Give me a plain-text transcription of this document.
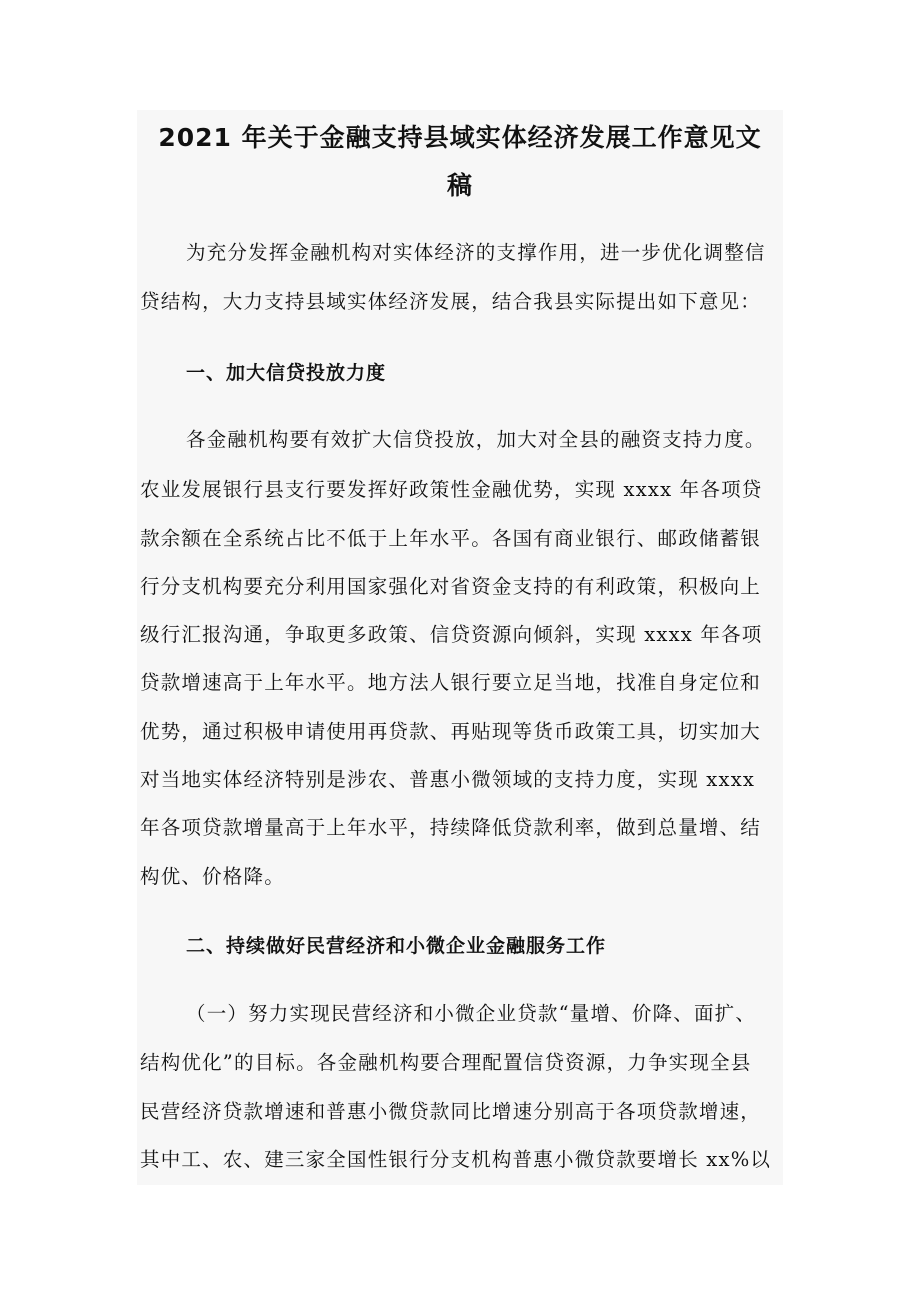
2021 年关于金融支持县域实体经济发展工作意见文
稿
为充分发挥金融机构对实体经济的支撑作用，进一步优化调整信
贷结构，大力支持县域实体经济发展，结合我县实际提出如下意见：
一、加大信贷投放力度
各金融机构要有效扩大信贷投放，加大对全县的融资支持力度。
农业发展银行县支行要发挥好政策性金融优势，实现 xxxx 年各项贷
款余额在全系统占比不低于上年水平。各国有商业银行、邮政储蓄银
行分支机构要充分利用国家强化对省资金支持的有利政策，积极向上
级行汇报沟通，争取更多政策、信贷资源向倾斜，实现 xxxx 年各项
贷款增速高于上年水平。地方法人银行要立足当地，找准自身定位和
优势，通过积极申请使用再贷款、再贴现等货币政策工具，切实加大
对当地实体经济特别是涉农、普惠小微领域的支持力度，实现 xxxx
年各项贷款增量高于上年水平，持续降低贷款利率，做到总量增、结
构优、价格降。
二、持续做好民营经济和小微企业金融服务工作
（一）努力实现民营经济和小微企业贷款“量增、价降、面扩、
结构优化”的目标。各金融机构要合理配置信贷资源，力争实现全县
民营经济贷款增速和普惠小微贷款同比增速分别高于各项贷款增速，
其中工、农、建三家全国性银行分支机构普惠小微贷款要增长 xx%以
